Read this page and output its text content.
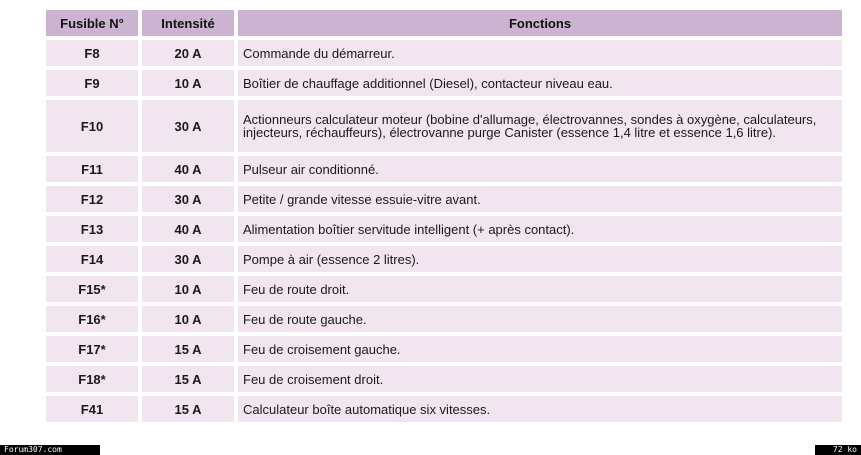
Fusible N°	Intensité	Fonctions
F8	20 A	Commande du démarreur.
F9	10 A	Boîtier de chauffage additionnel (Diesel), contacteur niveau eau.
F10	30 A	Actionneurs calculateur moteur (bobine d'allumage, électrovannes, sondes à oxygène, calculateurs, injecteurs, réchauffeurs), électrovanne purge Canister (essence 1,4 litre et essence 1,6 litre).
F11	40 A	Pulseur air conditionné.
F12	30 A	Petite / grande vitesse essuie-vitre avant.
F13	40 A	Alimentation boîtier servitude intelligent (+ après contact).
F14	30 A	Pompe à air (essence 2 litres).
F15*	10 A	Feu de route droit.
F16*	10 A	Feu de route gauche.
F17*	15 A	Feu de croisement gauche.
F18*	15 A	Feu de croisement droit.
F41	15 A	Calculateur boîte automatique six vitesses.
Forum307.com	72 ko
